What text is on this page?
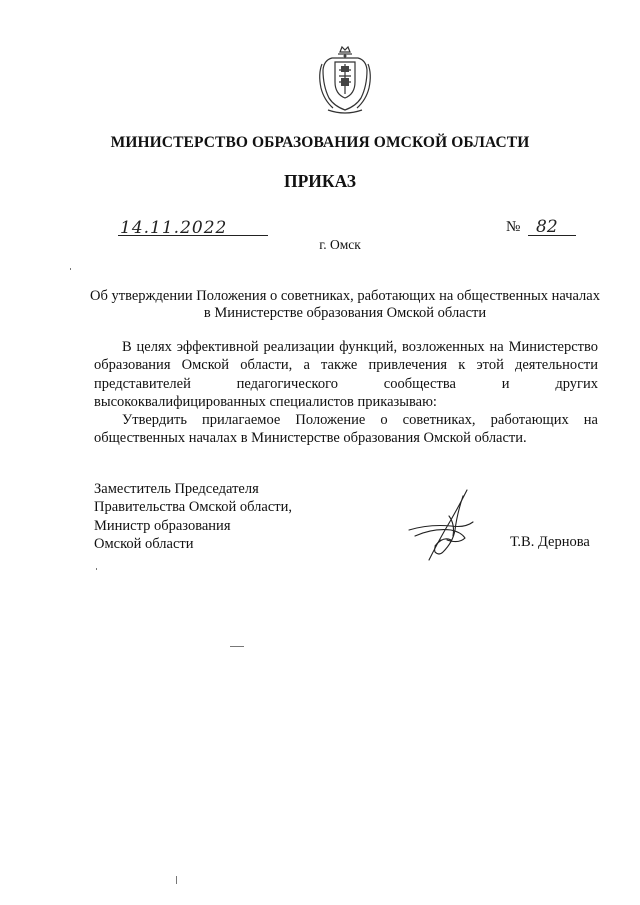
МИНИСТЕРСТВО ОБРАЗОВАНИЯ ОМСКОЙ ОБЛАСТИ
ПРИКАЗ
14.11.2022	№ 82
г. Омск
Об утверждении Положения о советниках, работающих на общественных началах в Министерстве образования Омской области

В целях эффективной реализации функций, возложенных на Министерство образования Омской области, а также привлечения к этой деятельности представителей педагогического сообщества и других высококвалифицированных специалистов приказываю:

Утвердить прилагаемое Положение о советниках, работающих на общественных началах в Министерстве образования Омской области.

Заместитель Председателя
Правительства Омской области,
Министр образования
Омской области	Т.В. Дернова
